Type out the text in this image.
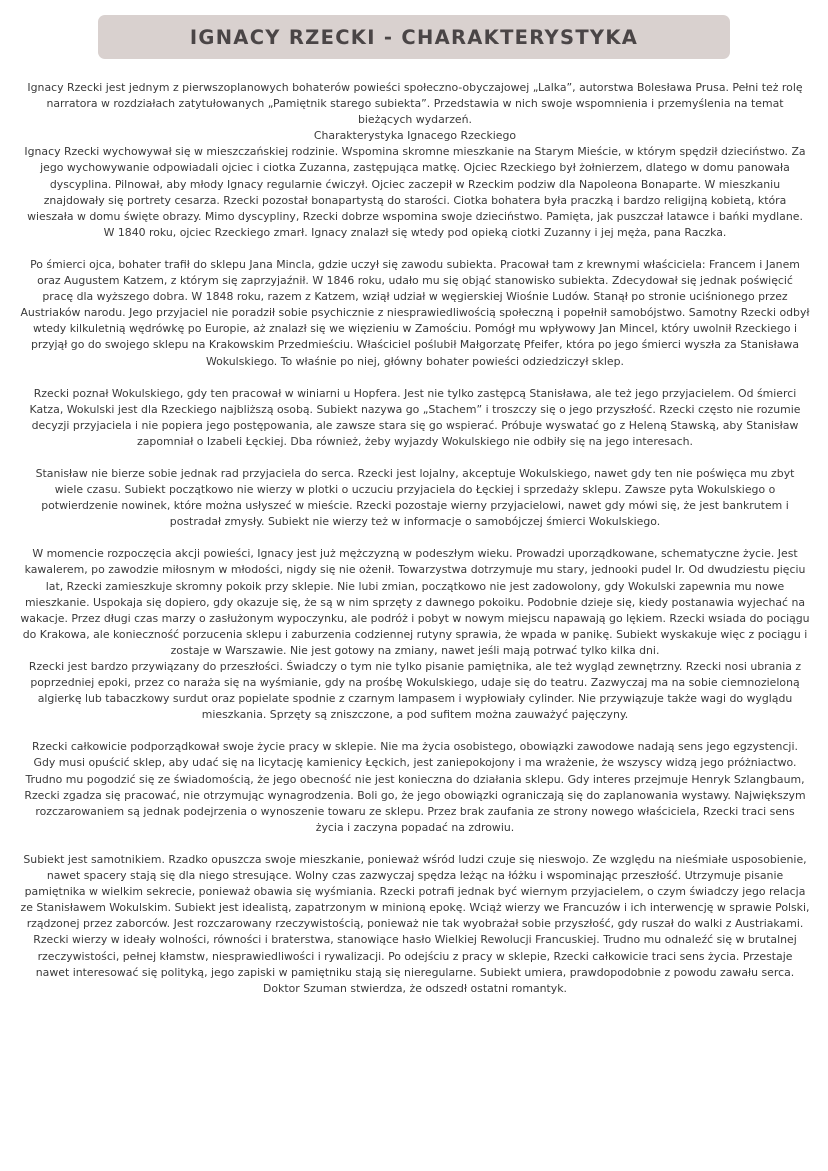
IGNACY RZECKI - CHARAKTERYSTYKA

Ignacy Rzecki jest jednym z pierwszoplanowych bohaterów powieści społeczno-obyczajowej „Lalka”, autorstwa Bolesława Prusa. Pełni też rolę narratora w rozdziałach zatytułowanych „Pamiętnik starego subiekta”. Przedstawia w nich swoje wspomnienia i przemyślenia na temat bieżących wydarzeń.

Charakterystyka Ignacego Rzeckiego

Ignacy Rzecki wychowywał się w mieszczańskiej rodzinie. Wspomina skromne mieszkanie na Starym Mieście, w którym spędził dzieciństwo. Za jego wychowywanie odpowiadali ojciec i ciotka Zuzanna, zastępująca matkę. Ojciec Rzeckiego był żołnierzem, dlatego w domu panowała dyscyplina. Pilnował, aby młody Ignacy regularnie ćwiczył. Ojciec zaczepił w Rzeckim podziw dla Napoleona Bonaparte. W mieszkaniu znajdowały się portrety cesarza. Rzecki pozostał bonapartystą do starości. Ciotka bohatera była praczką i bardzo religijną kobietą, która wieszała w domu święte obrazy. Mimo dyscypliny, Rzecki dobrze wspomina swoje dzieciństwo. Pamięta, jak puszczał latawce i bańki mydlane. W 1840 roku, ojciec Rzeckiego zmarł. Ignacy znalazł się wtedy pod opieką ciotki Zuzanny i jej męża, pana Raczka.

Po śmierci ojca, bohater trafił do sklepu Jana Mincla, gdzie uczył się zawodu subiekta. Pracował tam z krewnymi właściciela: Francem i Janem oraz Augustem Katzem, z którym się zaprzyjaźnił. W 1846 roku, udało mu się objąć stanowisko subiekta. Zdecydował się jednak poświęcić pracę dla wyższego dobra. W 1848 roku, razem z Katzem, wziął udział w węgierskiej Wiośnie Ludów. Stanął po stronie uciśnionego przez Austriaków narodu. Jego przyjaciel nie poradził sobie psychicznie z niesprawiedliwością społeczną i popełnił samobójstwo. Samotny Rzecki odbył wtedy kilkuletnią wędrówkę po Europie, aż znalazł się we więzieniu w Zamościu. Pomógł mu wpływowy Jan Mincel, który uwolnił Rzeckiego i przyjął go do swojego sklepu na Krakowskim Przedmieściu. Właściciel poślubił Małgorzatę Pfeifer, która po jego śmierci wyszła za Stanisława Wokulskiego. To właśnie po niej, główny bohater powieści odziedziczył sklep.

Rzecki poznał Wokulskiego, gdy ten pracował w winiarni u Hopfera. Jest nie tylko zastępcą Stanisława, ale też jego przyjacielem. Od śmierci Katza, Wokulski jest dla Rzeckiego najbliższą osobą. Subiekt nazywa go „Stachem” i troszczy się o jego przyszłość. Rzecki często nie rozumie decyzji przyjaciela i nie popiera jego postępowania, ale zawsze stara się go wspierać. Próbuje wyswatać go z Heleną Stawską, aby Stanisław zapomniał o Izabeli Łęckiej. Dba również, żeby wyjazdy Wokulskiego nie odbiły się na jego interesach.

Stanisław nie bierze sobie jednak rad przyjaciela do serca. Rzecki jest lojalny, akceptuje Wokulskiego, nawet gdy ten nie poświęca mu zbyt wiele czasu. Subiekt początkowo nie wierzy w plotki o uczuciu przyjaciela do Łęckiej i sprzedaży sklepu. Zawsze pyta Wokulskiego o potwierdzenie nowinek, które można usłyszeć w mieście. Rzecki pozostaje wierny przyjacielowi, nawet gdy mówi się, że jest bankrutem i postradał zmysły. Subiekt nie wierzy też w informacje o samobójczej śmierci Wokulskiego.

W momencie rozpoczęcia akcji powieści, Ignacy jest już mężczyzną w podeszłym wieku. Prowadzi uporządkowane, schematyczne życie. Jest kawalerem, po zawodzie miłosnym w młodości, nigdy się nie ożenił. Towarzystwa dotrzymuje mu stary, jednooki pudel Ir. Od dwudziestu pięciu lat, Rzecki zamieszkuje skromny pokoik przy sklepie. Nie lubi zmian, początkowo nie jest zadowolony, gdy Wokulski zapewnia mu nowe mieszkanie. Uspokaja się dopiero, gdy okazuje się, że są w nim sprzęty z dawnego pokoiku. Podobnie dzieje się, kiedy postanawia wyjechać na wakacje. Przez długi czas marzy o zasłużonym wypoczynku, ale podróż i pobyt w nowym miejscu napawają go lękiem. Rzecki wsiada do pociągu do Krakowa, ale konieczność porzucenia sklepu i zaburzenia codziennej rutyny sprawia, że wpada w panikę. Subiekt wyskakuje więc z pociągu i zostaje w Warszawie. Nie jest gotowy na zmiany, nawet jeśli mają potrwać tylko kilka dni.

Rzecki jest bardzo przywiązany do przeszłości. Świadczy o tym nie tylko pisanie pamiętnika, ale też wygląd zewnętrzny. Rzecki nosi ubrania z poprzedniej epoki, przez co naraża się na wyśmianie, gdy na prośbę Wokulskiego, udaje się do teatru. Zazwyczaj ma na sobie ciemnozieloną algierkę lub tabaczkowy surdut oraz popielate spodnie z czarnym lampasem i wypłowiały cylinder. Nie przywiązuje także wagi do wyglądu mieszkania. Sprzęty są zniszczone, a pod sufitem można zauważyć pajęczyny.

Rzecki całkowicie podporządkował swoje życie pracy w sklepie. Nie ma życia osobistego, obowiązki zawodowe nadają sens jego egzystencji. Gdy musi opuścić sklep, aby udać się na licytację kamienicy Łęckich, jest zaniepokojony i ma wrażenie, że wszyscy widzą jego próżniactwo. Trudno mu pogodzić się ze świadomością, że jego obecność nie jest konieczna do działania sklepu. Gdy interes przejmuje Henryk Szlangbaum, Rzecki zgadza się pracować, nie otrzymując wynagrodzenia. Boli go, że jego obowiązki ograniczają się do zaplanowania wystawy. Największym rozczarowaniem są jednak podejrzenia o wynoszenie towaru ze sklepu. Przez brak zaufania ze strony nowego właściciela, Rzecki traci sens życia i zaczyna popadać na zdrowiu.

Subiekt jest samotnikiem. Rzadko opuszcza swoje mieszkanie, ponieważ wśród ludzi czuje się nieswojo. Ze względu na nieśmiałe usposobienie, nawet spacery stają się dla niego stresujące. Wolny czas zazwyczaj spędza leżąc na łóżku i wspominając przeszłość. Utrzymuje pisanie pamiętnika w wielkim sekrecie, ponieważ obawia się wyśmiania. Rzecki potrafi jednak być wiernym przyjacielem, o czym świadczy jego relacja ze Stanisławem Wokulskim. Subiekt jest idealistą, zapatrzonym w minioną epokę. Wciąż wierzy we Francuzów i ich interwencję w sprawie Polski, rządzonej przez zaborców. Jest rozczarowany rzeczywistością, ponieważ nie tak wyobrażał sobie przyszłość, gdy ruszał do walki z Austriakami. Rzecki wierzy w ideały wolności, równości i braterstwa, stanowiące hasło Wielkiej Rewolucji Francuskiej. Trudno mu odnaleźć się w brutalnej rzeczywistości, pełnej kłamstw, niesprawiedliwości i rywalizacji. Po odejściu z pracy w sklepie, Rzecki całkowicie traci sens życia. Przestaje nawet interesować się polityką, jego zapiski w pamiętniku stają się nieregularne. Subiekt umiera, prawdopodobnie z powodu zawału serca. Doktor Szuman stwierdza, że odszedł ostatni romantyk.
